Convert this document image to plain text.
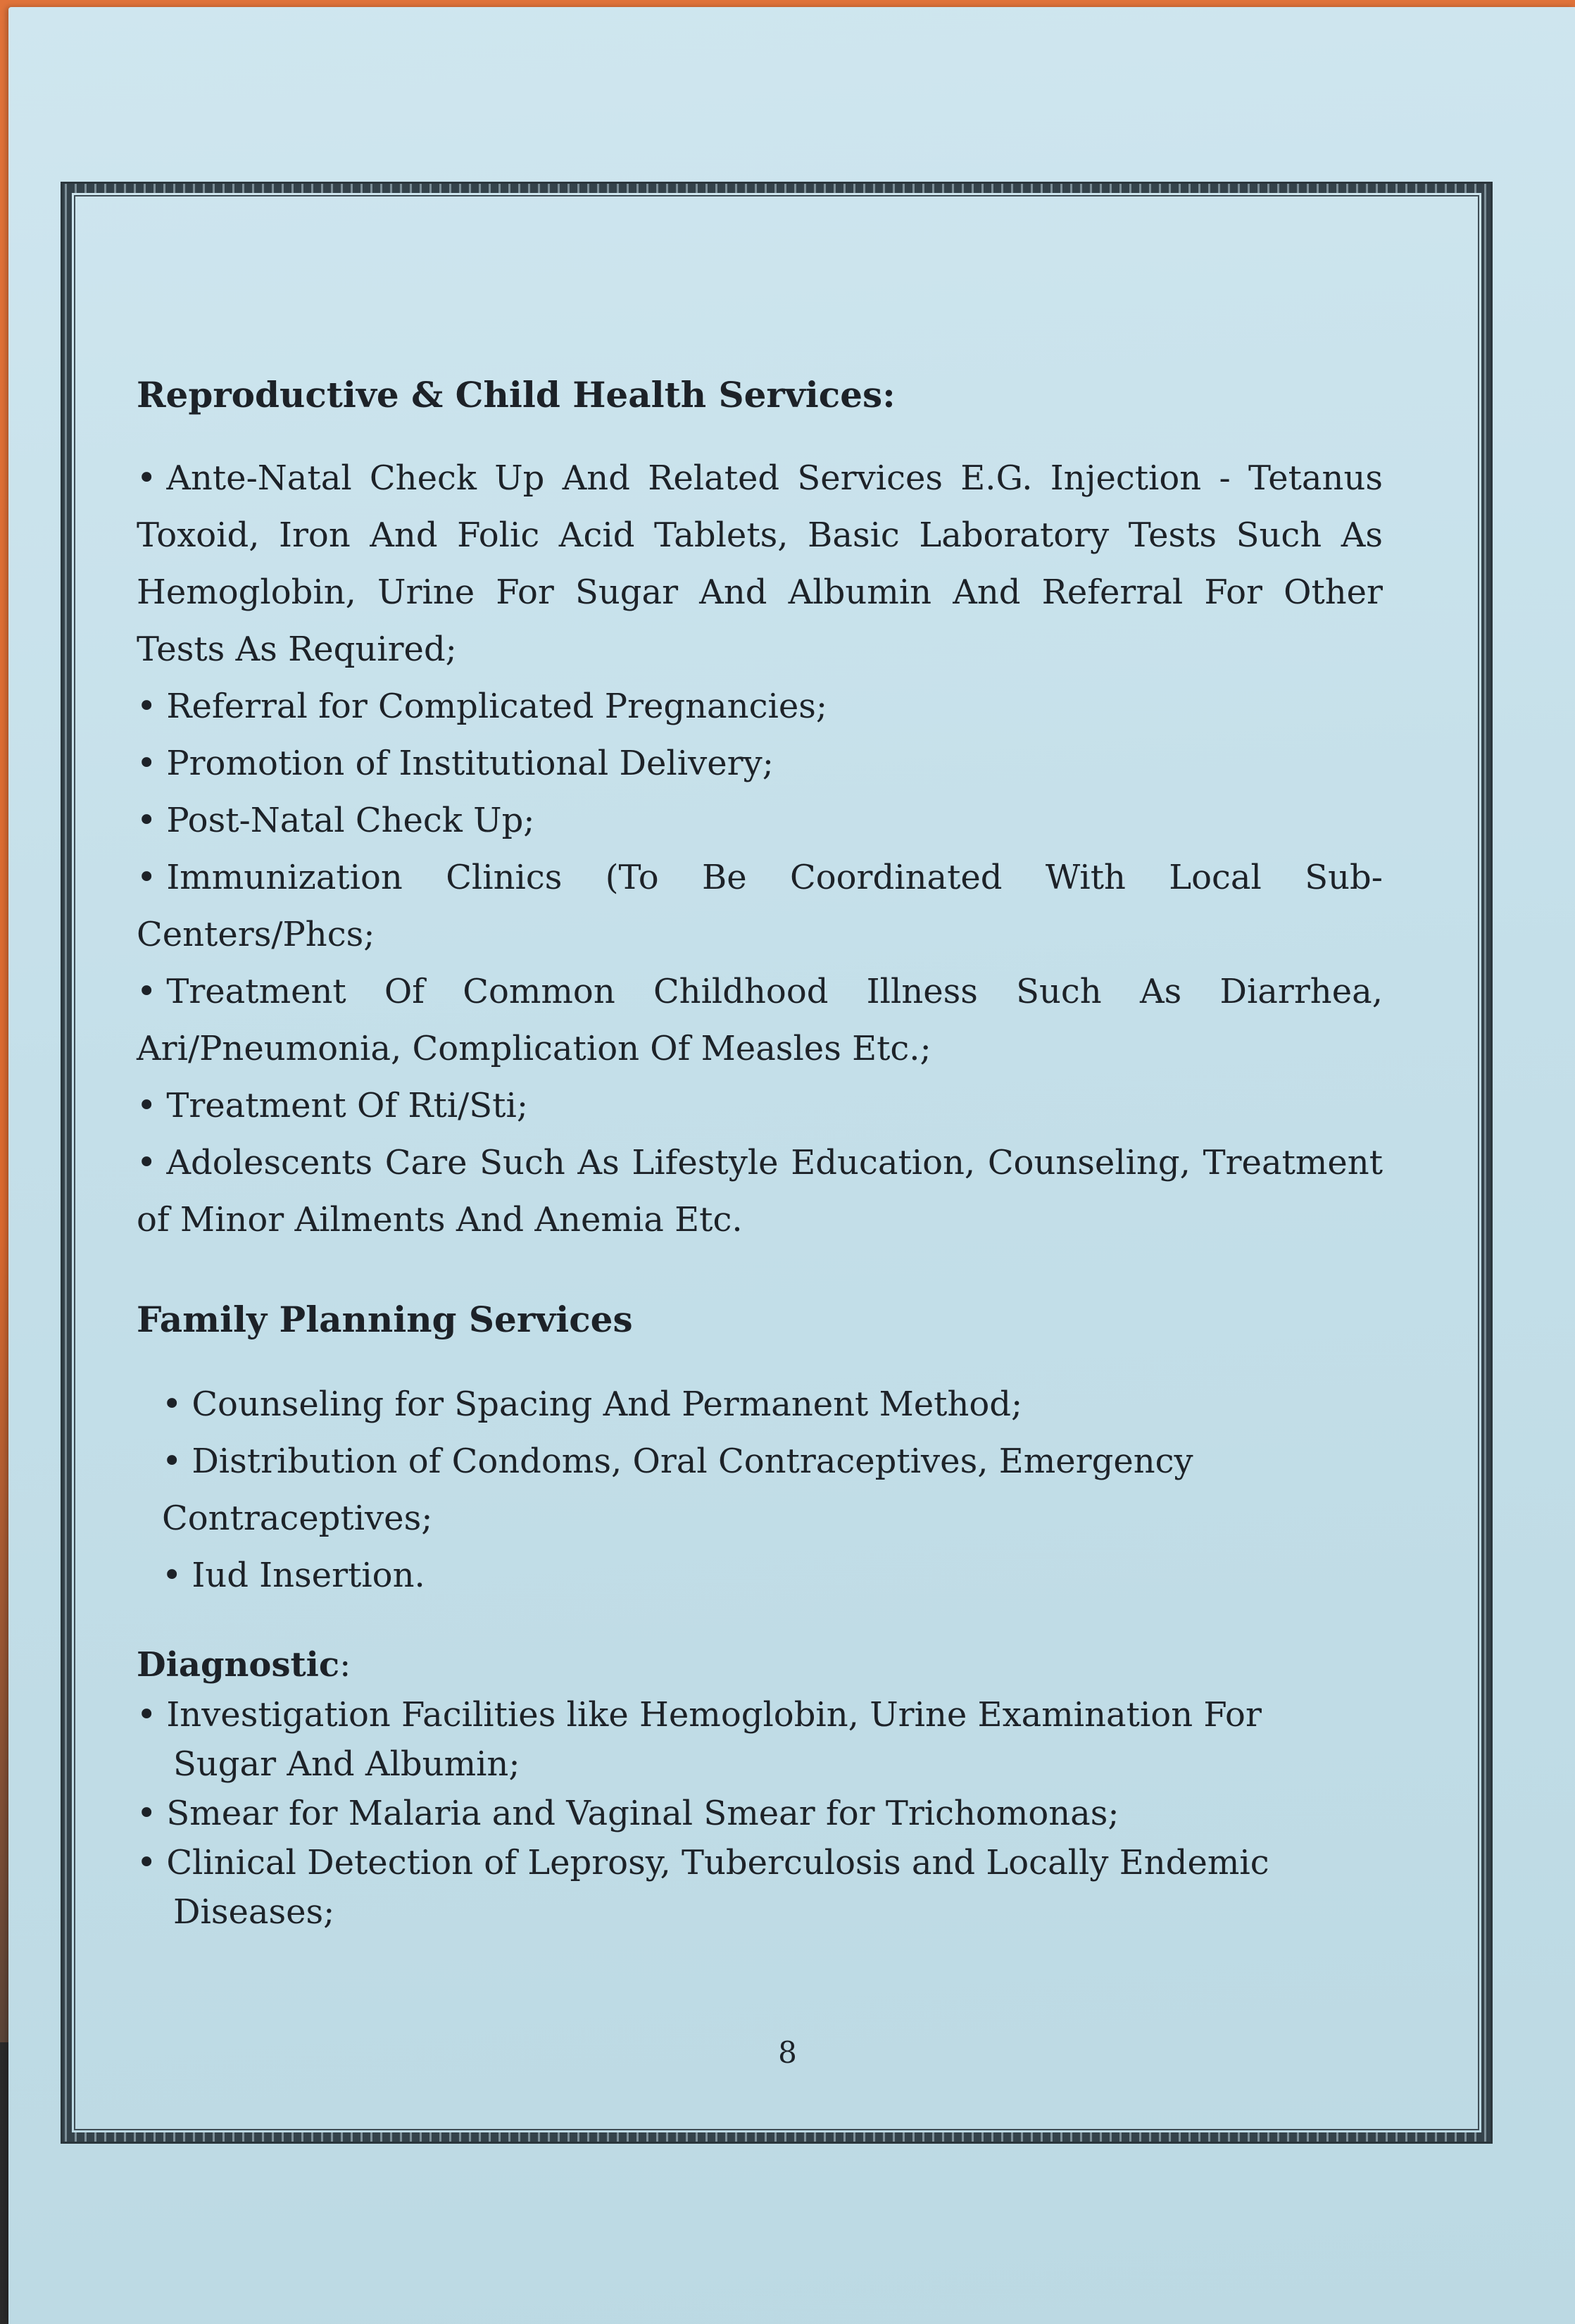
Reproductive & Child Health Services:

• Ante-Natal Check Up And Related Services E.G. Injection - Tetanus Toxoid, Iron And Folic Acid Tablets, Basic Laboratory Tests Such As Hemoglobin, Urine For Sugar And Albumin And Referral For Other Tests As Required;

• Referral for Complicated Pregnancies;

• Promotion of Institutional Delivery;

• Post-Natal Check Up;

• Immunization Clinics (To Be Coordinated With Local Sub-Centers/Phcs;

• Treatment Of Common Childhood Illness Such As Diarrhea, Ari/Pneumonia, Complication Of Measles Etc.;

• Treatment Of Rti/Sti;

• Adolescents Care Such As Lifestyle Education, Counseling, Treatment of Minor Ailments And Anemia Etc.

Family Planning Services

• Counseling for Spacing And Permanent Method;

• Distribution of Condoms, Oral Contraceptives, Emergency

Contraceptives;

• Iud Insertion.

Diagnostic:

• Investigation Facilities like Hemoglobin, Urine Examination For
Sugar And Albumin;
• Smear for Malaria and Vaginal Smear for Trichomonas;
• Clinical Detection of Leprosy, Tuberculosis and Locally Endemic
Diseases;
8
